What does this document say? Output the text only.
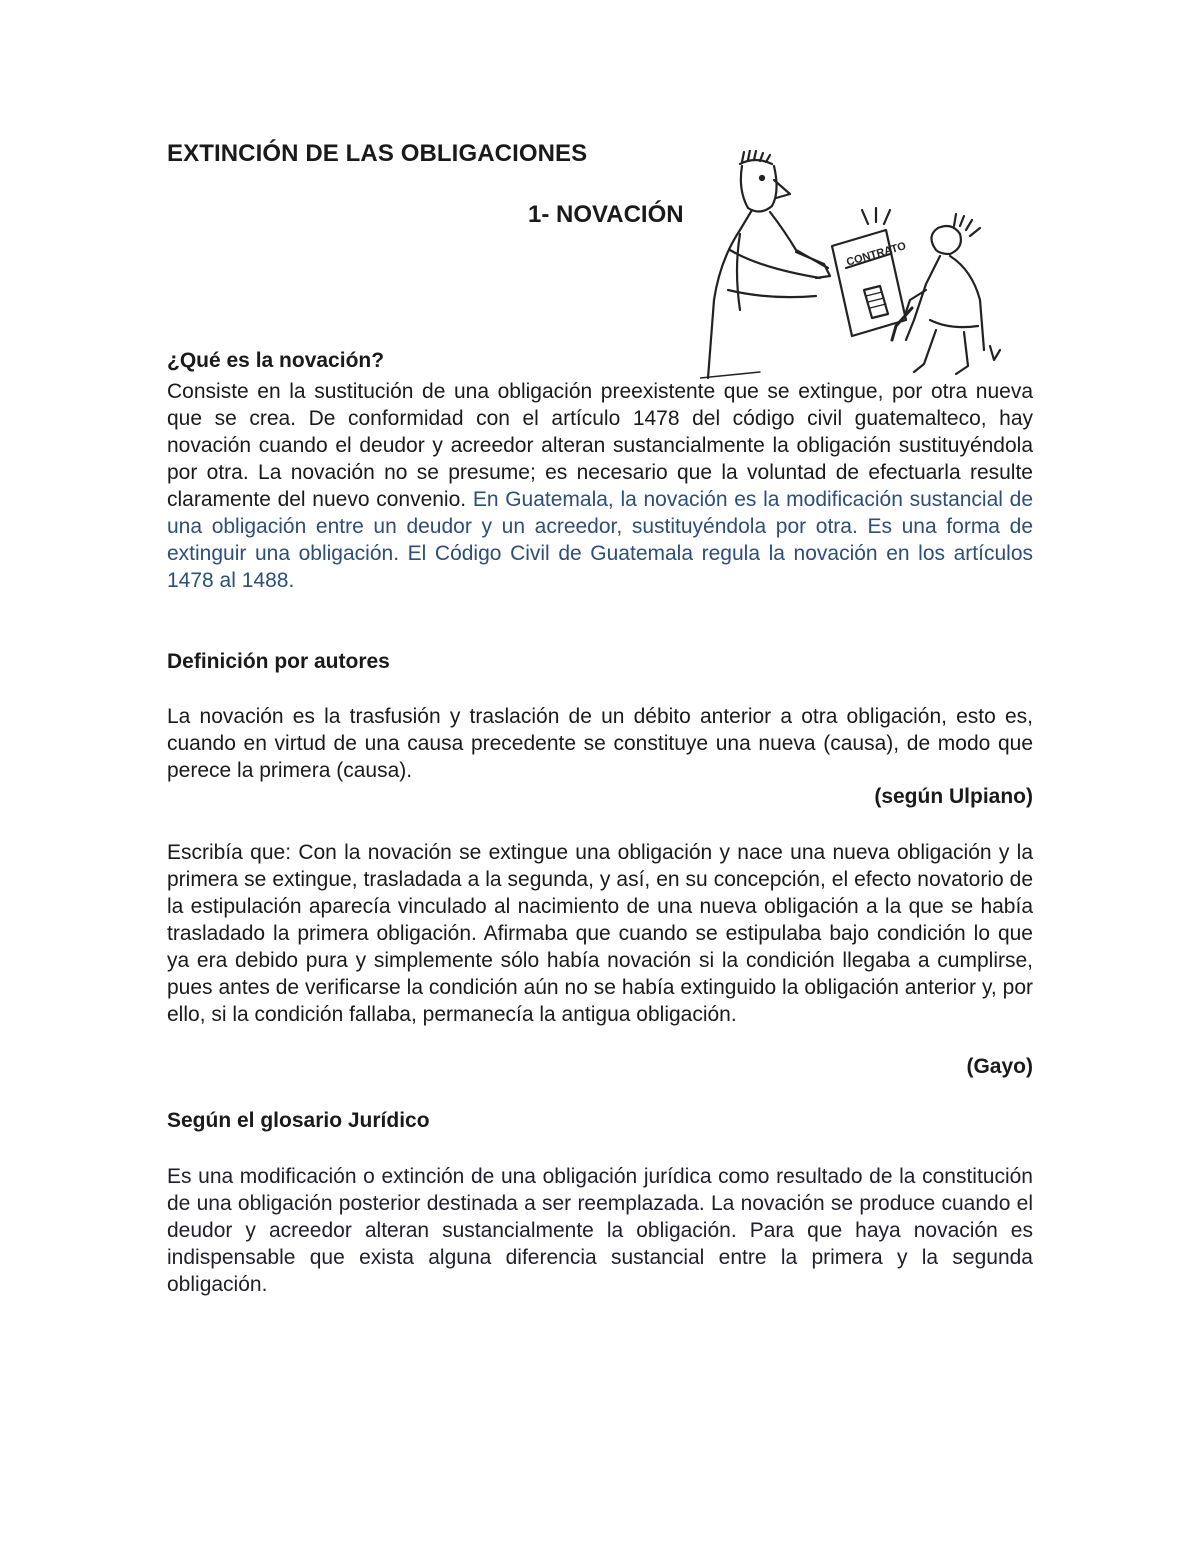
EXTINCIÓN DE LAS OBLIGACIONES
1- NOVACIÓN
CONTRATO
¿Qué es la novación?

Consiste en la sustitución de una obligación preexistente que se extingue, por otra nueva que se crea. De conformidad con el artículo 1478 del código civil guatemalteco, hay novación cuando el deudor y acreedor alteran sustancialmente la obligación sustituyéndola por otra. La novación no se presume; es necesario que la voluntad de efectuarla resulte claramente del nuevo convenio. En Guatemala, la novación es la modificación sustancial de una obligación entre un deudor y un acreedor, sustituyéndola por otra. Es una forma de extinguir una obligación. El Código Civil de Guatemala regula la novación en los artículos 1478 al 1488.

Definición por autores

La novación es la trasfusión y traslación de un débito anterior a otra obligación, esto es, cuando en virtud de una causa precedente se constituye una nueva (causa), de modo que perece la primera (causa).

(según Ulpiano)

Escribía que: Con la novación se extingue una obligación y nace una nueva obligación y la primera se extingue, trasladada a la segunda, y así, en su concepción, el efecto novatorio de la estipulación aparecía vinculado al nacimiento de una nueva obligación a la que se había trasladado la primera obligación. Afirmaba que cuando se estipulaba bajo condición lo que ya era debido pura y simplemente sólo había novación si la condición llegaba a cumplirse, pues antes de verificarse la condición aún no se había extinguido la obligación anterior y, por ello, si la condición fallaba, permanecía la antigua obligación.

(Gayo)

Según el glosario Jurídico

Es una modificación o extinción de una obligación jurídica como resultado de la constitución de una obligación posterior destinada a ser reemplazada. La novación se produce cuando el deudor y acreedor alteran sustancialmente la obligación. Para que haya novación es indispensable que exista alguna diferencia sustancial entre la primera y la segunda obligación.
